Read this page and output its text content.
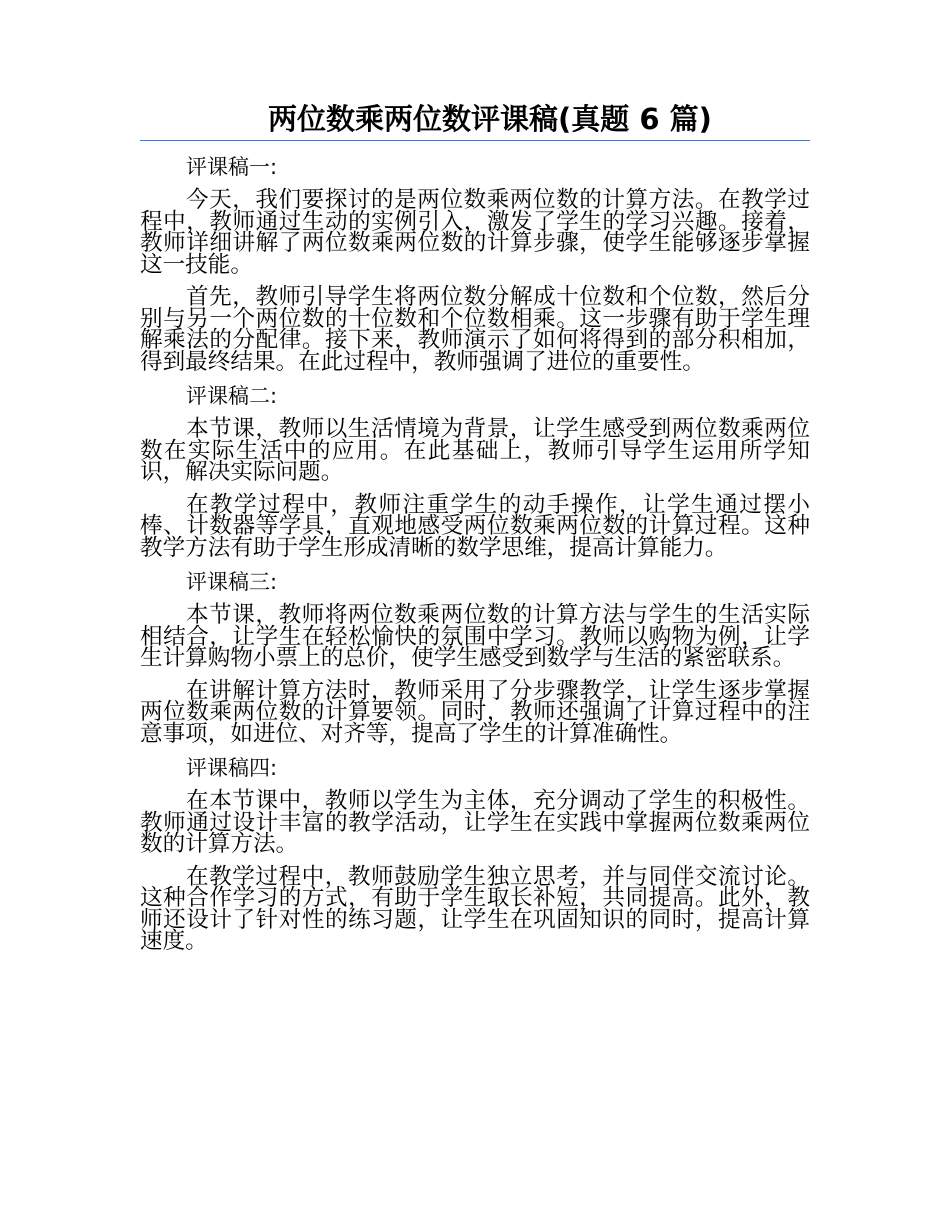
两位数乘两位数评课稿(真题 6 篇)
评课稿一:

今天，我们要探讨的是两位数乘两位数的计算方法。在教学过程中，教师通过生动的实例引入，激发了学生的学习兴趣。接着，教师详细讲解了两位数乘两位数的计算步骤，使学生能够逐步掌握这一技能。

首先，教师引导学生将两位数分解成十位数和个位数，然后分别与另一个两位数的十位数和个位数相乘。这一步骤有助于学生理解乘法的分配律。接下来，教师演示了如何将得到的部分积相加，得到最终结果。在此过程中，教师强调了进位的重要性。

评课稿二:

本节课，教师以生活情境为背景，让学生感受到两位数乘两位数在实际生活中的应用。在此基础上，教师引导学生运用所学知识，解决实际问题。

在教学过程中，教师注重学生的动手操作，让学生通过摆小棒、计数器等学具，直观地感受两位数乘两位数的计算过程。这种教学方法有助于学生形成清晰的数学思维，提高计算能力。

评课稿三:

本节课，教师将两位数乘两位数的计算方法与学生的生活实际相结合，让学生在轻松愉快的氛围中学习。教师以购物为例，让学生计算购物小票上的总价，使学生感受到数学与生活的紧密联系。

在讲解计算方法时，教师采用了分步骤教学，让学生逐步掌握两位数乘两位数的计算要领。同时，教师还强调了计算过程中的注意事项，如进位、对齐等，提高了学生的计算准确性。

评课稿四:

在本节课中，教师以学生为主体，充分调动了学生的积极性。教师通过设计丰富的教学活动，让学生在实践中掌握两位数乘两位数的计算方法。

在教学过程中，教师鼓励学生独立思考，并与同伴交流讨论。这种合作学习的方式，有助于学生取长补短，共同提高。此外，教师还设计了针对性的练习题，让学生在巩固知识的同时，提高计算速度。
